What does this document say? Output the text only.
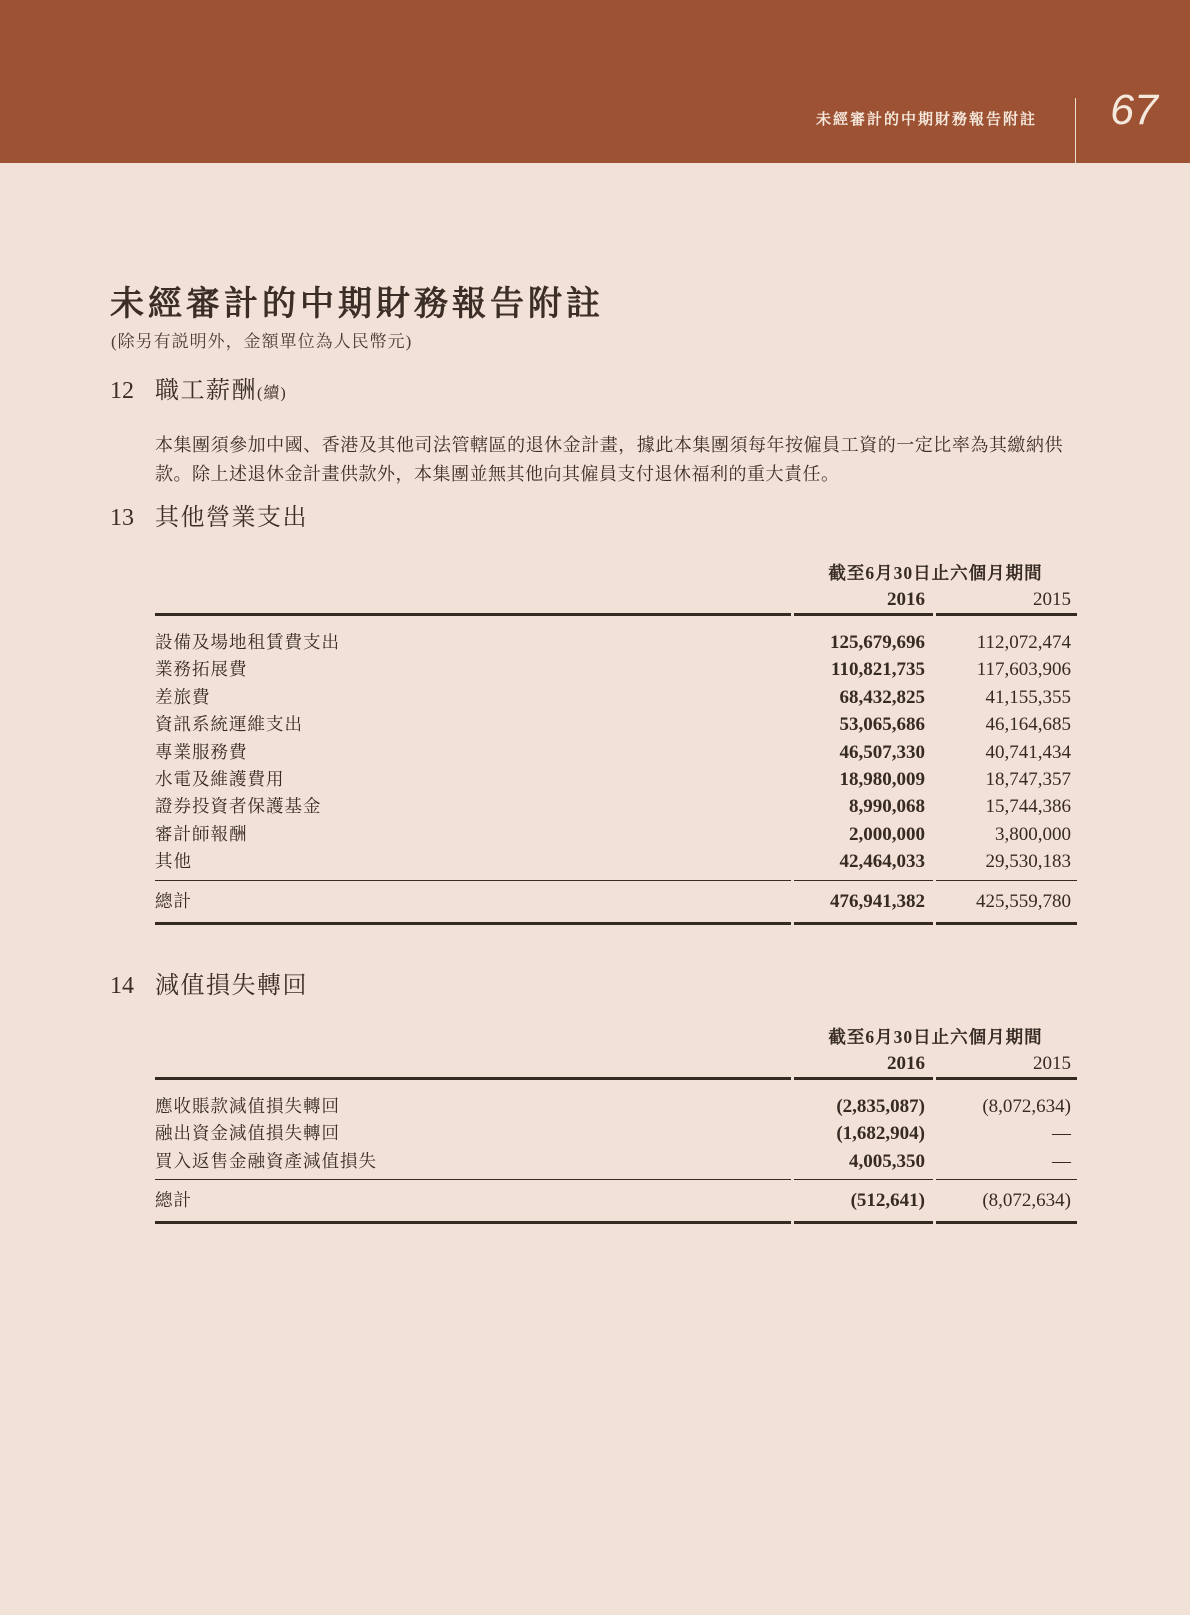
未經審計的中期財務報告附註	67
未經審計的中期財務報告附註
(除另有説明外，金額單位為人民幣元)
12 職工薪酬(續)

本集團須參加中國、香港及其他司法管轄區的退休金計畫，據此本集團須每年按僱員工資的一定比率為其繳納供款。除上述退休金計畫供款外，本集團並無其他向其僱員支付退休福利的重大責任。

13 其他營業支出
截至6月30日止六個月期間
2016	2015
設備及場地租賃費支出	125,679,696	112,072,474
業務拓展費	110,821,735	117,603,906
差旅費	68,432,825	41,155,355
資訊系統運維支出	53,065,686	46,164,685
專業服務費	46,507,330	40,741,434
水電及維護費用	18,980,009	18,747,357
證券投資者保護基金	8,990,068	15,744,386
審計師報酬	2,000,000	3,800,000
其他	42,464,033	29,530,183
總計	476,941,382	425,559,780
14 減值損失轉回
截至6月30日止六個月期間
2016	2015
應收賬款減值損失轉回	(2,835,087)	(8,072,634)
融出資金減值損失轉回	(1,682,904)	—
買入返售金融資產減值損失	4,005,350	—
總計	(512,641)	(8,072,634)
